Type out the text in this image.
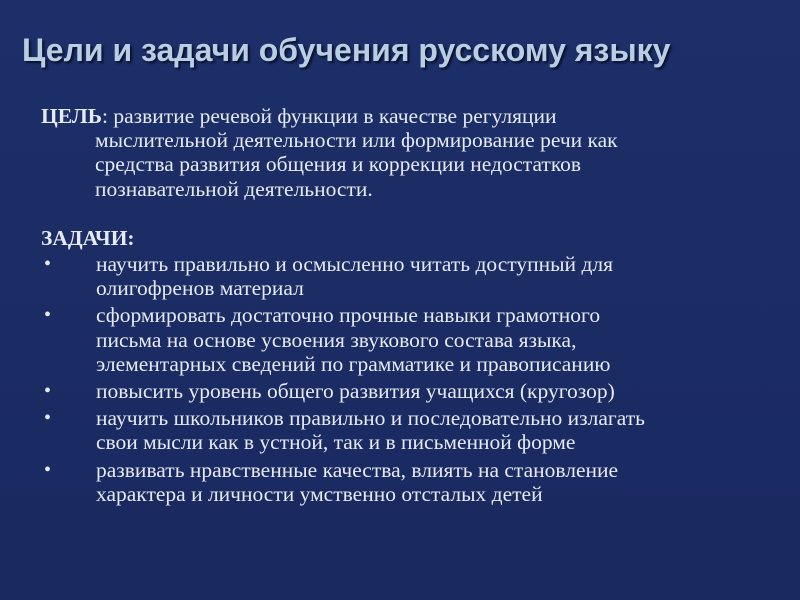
Цели и задачи обучения русскому языку
ЦЕЛЬ: развитие речевой функции в качестве регуляции
мыслительной деятельности или формирование речи как
средства развития общения и коррекции недостатков
познавательной деятельности.
ЗАДАЧИ:
• научить правильно и осмысленно читать доступный для
олигофренов материал
• сформировать достаточно прочные навыки грамотного
письма на основе усвоения звукового состава языка,
элементарных сведений по грамматике и правописанию
• повысить уровень общего развития учащихся (кругозор)
• научить школьников правильно и последовательно излагать
свои мысли как в устной, так и в письменной форме
• развивать нравственные качества, влиять на становление
характера и личности умственно отсталых детей
